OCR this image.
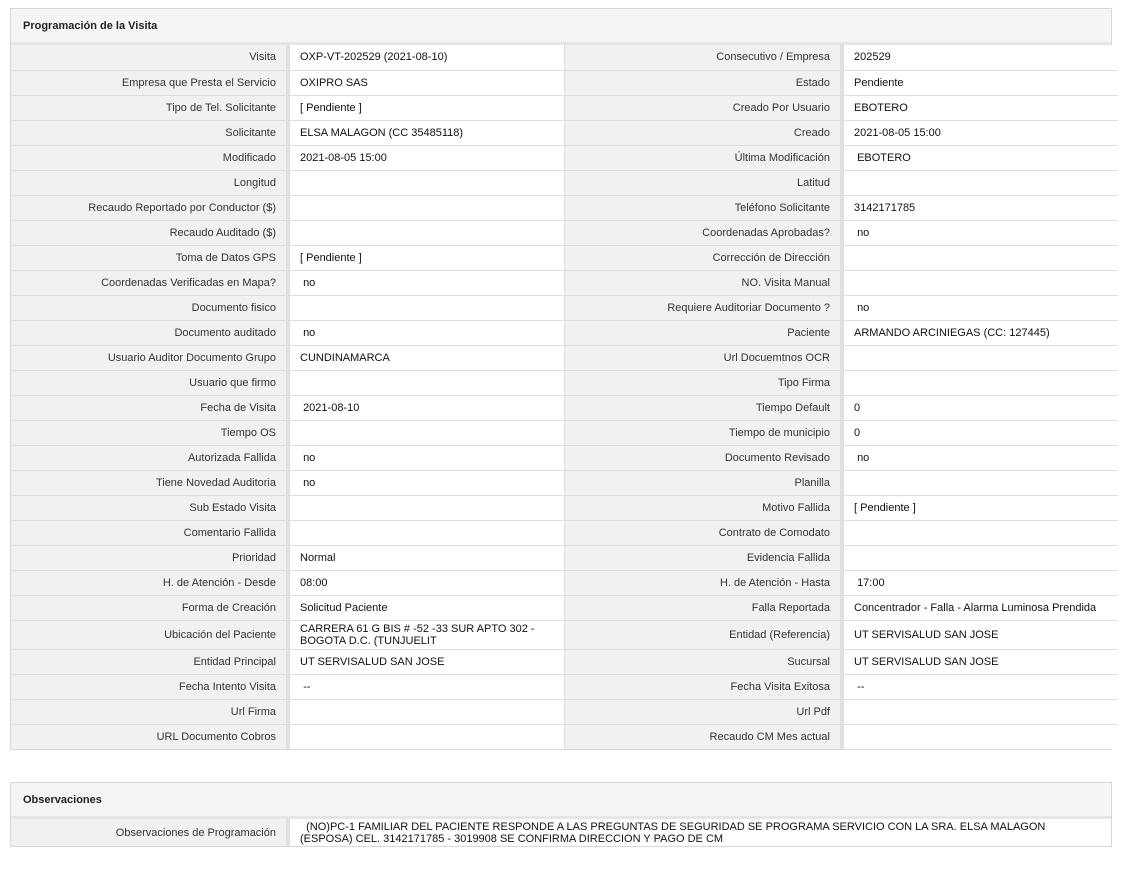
Programación de la Visita
Visita		OXP-VT-202529 (2021-08-10)	Consecutivo / Empresa		202529
Empresa que Presta el Servicio		OXIPRO SAS	Estado		Pendiente
Tipo de Tel. Solicitante		[ Pendiente ]	Creado Por Usuario		EBOTERO
Solicitante		ELSA MALAGON (CC 35485118)	Creado		2021-08-05 15:00
Modificado		2021-08-05 15:00	Última Modificación		EBOTERO
Longitud			Latitud		
Recaudo Reportado por Conductor ($)			Teléfono Solicitante		3142171785
Recaudo Auditado ($)			Coordenadas Aprobadas?		no
Toma de Datos GPS		[ Pendiente ]	Corrección de Dirección		
Coordenadas Verificadas en Mapa?		no	NO. Visita Manual		
Documento fisico			Requiere Auditoriar Documento ?		no
Documento auditado		no	Paciente		ARMANDO ARCINIEGAS (CC: 127445)
Usuario Auditor Documento Grupo		CUNDINAMARCA	Url Docuemtnos OCR		
Usuario que firmo			Tipo Firma		
Fecha de Visita		2021-08-10	Tiempo Default		0
Tiempo OS			Tiempo de municipio		0
Autorizada Fallida		no	Documento Revisado		no
Tiene Novedad Auditoria		no	Planilla		
Sub Estado Visita			Motivo Fallida		[ Pendiente ]
Comentario Fallida			Contrato de Comodato		
Prioridad		Normal	Evidencia Fallida		
H. de Atención - Desde		08:00	H. de Atención - Hasta		17:00
Forma de Creación		Solicitud Paciente	Falla Reportada		Concentrador - Falla - Alarma Luminosa Prendida
Ubicación del Paciente		CARRERA 61 G BIS # -52 -33 SUR APTO 302 - BOGOTA D.C. (TUNJUELIT	Entidad (Referencia)		UT SERVISALUD SAN JOSE
Entidad Principal		UT SERVISALUD SAN JOSE	Sucursal		UT SERVISALUD SAN JOSE
Fecha Intento Visita		--	Fecha Visita Exitosa		--
Url Firma			Url Pdf		
URL Documento Cobros			Recaudo CM Mes actual		
Observaciones
Observaciones de Programación		(NO)PC-1 FAMILIAR DEL PACIENTE RESPONDE A LAS PREGUNTAS DE SEGURIDAD SE PROGRAMA SERVICIO CON LA SRA. ELSA MALAGON (ESPOSA) CEL. 3142171785 - 3019908 SE CONFIRMA DIRECCION Y PAGO DE CM
